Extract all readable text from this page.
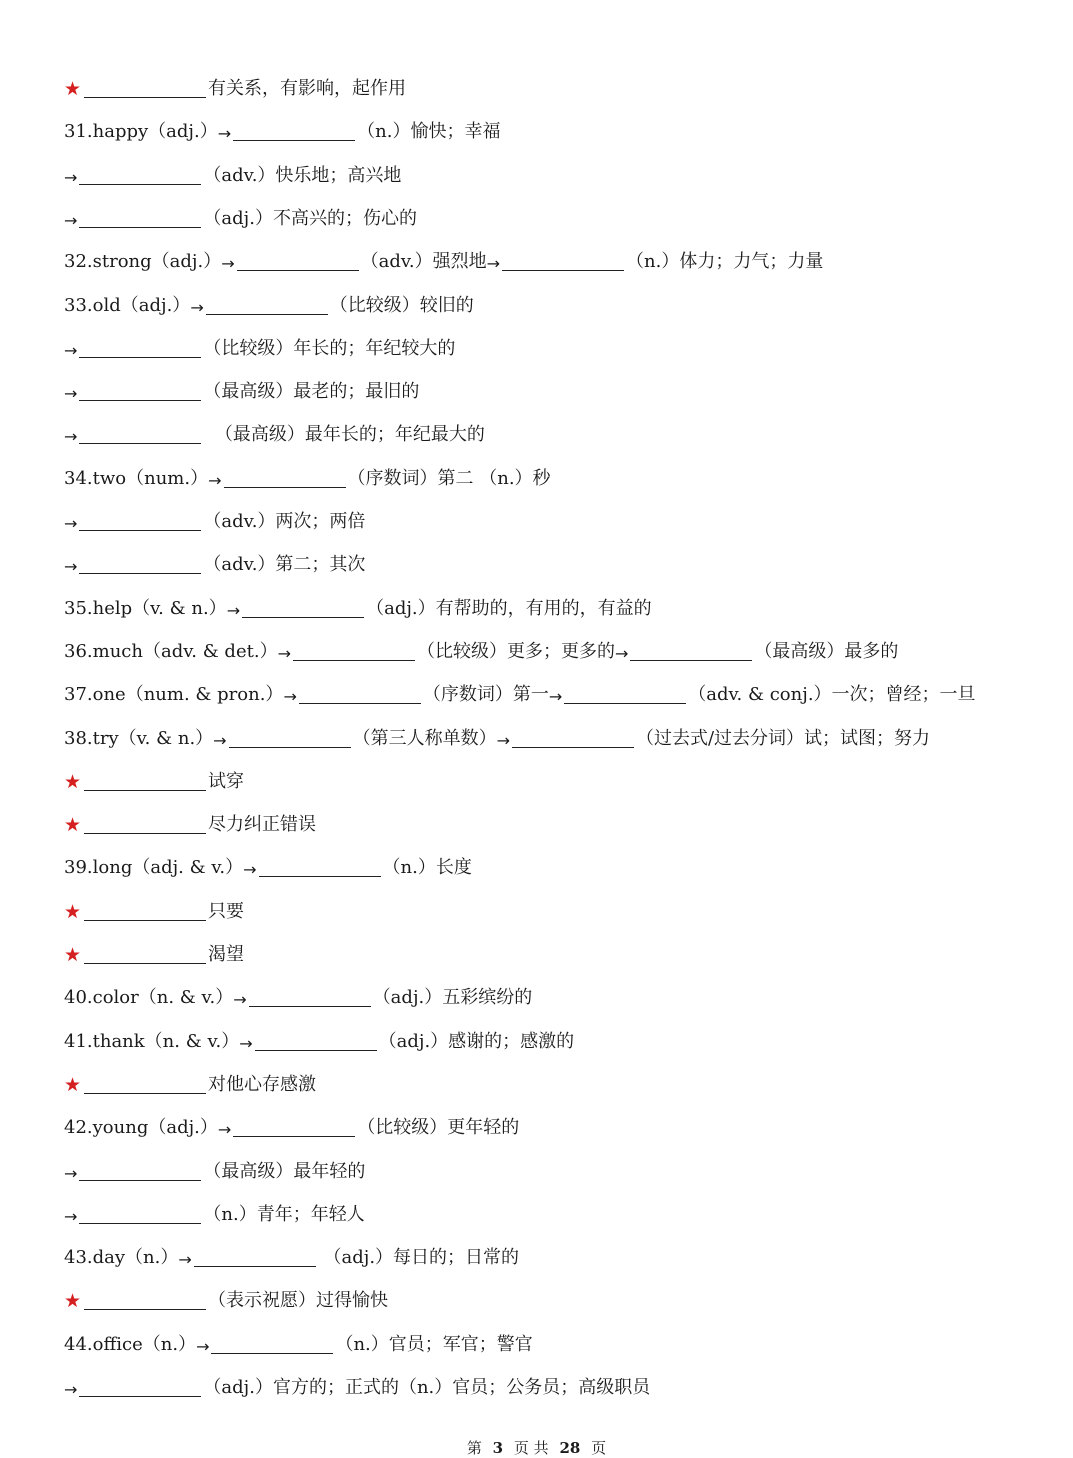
★	有关系，有影响，起作用
31.happy（adj.） →	（n.）愉快；幸福
→	（adv.）快乐地；高兴地
→	（adj.）不高兴的；伤心的
32.strong（adj.） →	（adv.）强烈地 →	（n.）体力；力气；力量
33.old（adj.） →	（比较级）较旧的
→	（比较级）年长的；年纪较大的
→	（最高级）最老的；最旧的
→	（最高级）最年长的；年纪最大的
34.two（num.） →	（序数词）第二 （n.）秒
→	（adv.）两次；两倍
→	（adv.）第二；其次
35.help（v. & n.） →	（adj.）有帮助的，有用的，有益的
36.much（adv. & det.） →	（比较级）更多；更多的 →	（最高级）最多的
37.one（num. & pron.） →	（序数词）第一 →	（adv. & conj.）一次；曾经；一旦
38.try（v. & n.） →	（第三人称单数） →	（过去式/过去分词）试；试图；努力
★	试穿
★	尽力纠正错误
39.long（adj. & v.） →	（n.）长度
★	只要
★	渴望
40.color（n. & v.） →	（adj.）五彩缤纷的
41.thank（n. & v.） →	（adj.）感谢的；感激的
★	对他心存感激
42.young（adj.） →	（比较级）更年轻的
→	（最高级）最年轻的
→	（n.）青年；年轻人
43.day（n.） →	（adj.）每日的；日常的
★	（表示祝愿）过得愉快
44.office（n.） →	（n.）官员；军官；警官
→	（adj.）官方的；正式的（n.）官员；公务员；高级职员
第 3 页 共 28 页
